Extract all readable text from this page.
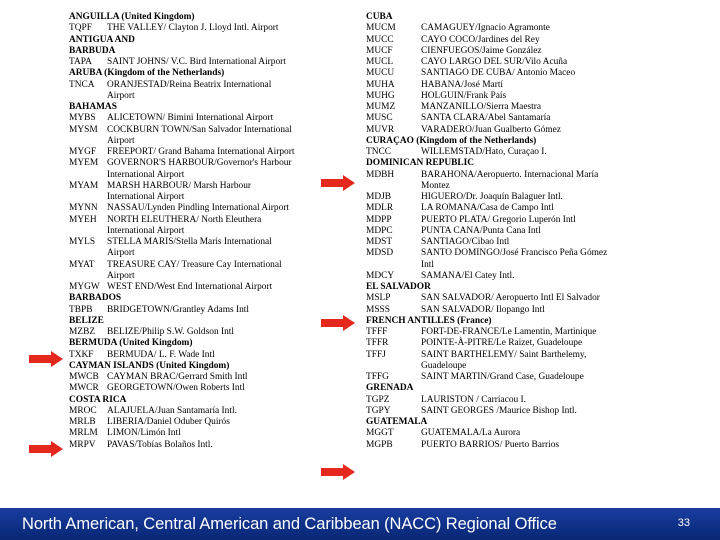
ANGUILLA (United Kingdom)
TQPF THE VALLEY/ Clayton J. Lloyd Intl. Airport
ANTIGUA AND
BARBUDA
TAPA SAINT JOHNS/ V.C. Bird International Airport
ARUBA (Kingdom of the Netherlands)
TNCA ORANJESTAD/Reina Beatrix International
Airport
BAHAMAS
MYBS ALICETOWN/ Bimini International Airport
MYSM COCKBURN TOWN/San Salvador International
Airport
MYGF FREEPORT/ Grand Bahama International Airport
MYEM GOVERNOR'S HARBOUR/Governor's Harbour
International Airport
MYAM MARSH HARBOUR/ Marsh Harbour
International Airport
MYNN NASSAU/Lynden Pindling International Airport
MYEH NORTH ELEUTHERA/ North Eleuthera
International Airport
MYLS STELLA MARIS/Stella Maris International
Airport
MYAT TREASURE CAY/ Treasure Cay International
Airport
MYGW WEST END/West End International Airport
BARBADOS
TBPB BRIDGETOWN/Grantley Adams Intl
BELIZE
MZBZ BELIZE/Philip S.W. Goldson Intl
BERMUDA (United Kingdom)
TXKF BERMUDA/ L. F. Wade Intl
CAYMAN ISLANDS (United Kingdom)
MWCB CAYMAN BRAC/Gerrard Smith Intl
MWCR GEORGETOWN/Owen Roberts Intl
COSTA RICA
MROC ALAJUELA/Juan Santamaría Intl.
MRLB LIBERIA/Daniel Oduber Quirós
MRLM LIMON/Limón Intl
MRPV PAVAS/Tobías Bolaños Intl.
CUBA
MUCM	CAMAGUEY/Ignacio Agramonte
MUCC	CAYO COCO/Jardines del Rey
MUCF	CIENFUEGOS/Jaime González
MUCL	CAYO LARGO DEL SUR/Vilo Acuña
MUCU	SANTIAGO DE CUBA/ Antonio Maceo
MUHA	HABANA/José Martí
MUHG	HOLGUIN/Frank País
MUMZ	MANZANILLO/Sierra Maestra
MUSC	SANTA CLARA/Abel Santamaría
MUVR	VARADERO/Juan Gualberto Gómez
CURAÇAO (Kingdom of the Netherlands)
TNCC	WILLEMSTAD/Hato, Curaçao I.
DOMINICAN REPUBLIC
MDBH	BARAHONA/Aeropuerto. Internacional María
Montez
MDJB	HIGUERO/Dr. Joaquín Balaguer Intl.
MDLR	LA ROMANA/Casa de Campo Intl
MDPP	PUERTO PLATA/ Gregorio Luperón Intl
MDPC	PUNTA CANA/Punta Cana Intl
MDST	SANTIAGO/Cibao Intl
MDSD	SANTO DOMINGO/José Francisco Peña Gómez
Intl
MDCY	SAMANA/El Catey Intl.
EL SALVADOR
MSLP	SAN SALVADOR/ Aeropuerto Intl El Salvador
MSSS	SAN SALVADOR/ Ilopango Intl
FRENCH ANTILLES (France)
TFFF	FORT-DE-FRANCE/Le Lamentin, Martinique
TFFR	POINTE-À-PITRE/Le Raizet, Guadeloupe
TFFJ	SAINT BARTHELEMY/ Saint Barthelemy,
Guadeloupe
TFFG	SAINT MARTIN/Grand Case, Guadeloupe
GRENADA
TGPZ	LAURISTON / Carriacou I.
TGPY	SAINT GEORGES /Maurice Bishop Intl.
GUATEMALA
MGGT	GUATEMALA/La Aurora
MGPB	PUERTO BARRIOS/ Puerto Barrios
North American, Central American and Caribbean (NACC) Regional Office	33
